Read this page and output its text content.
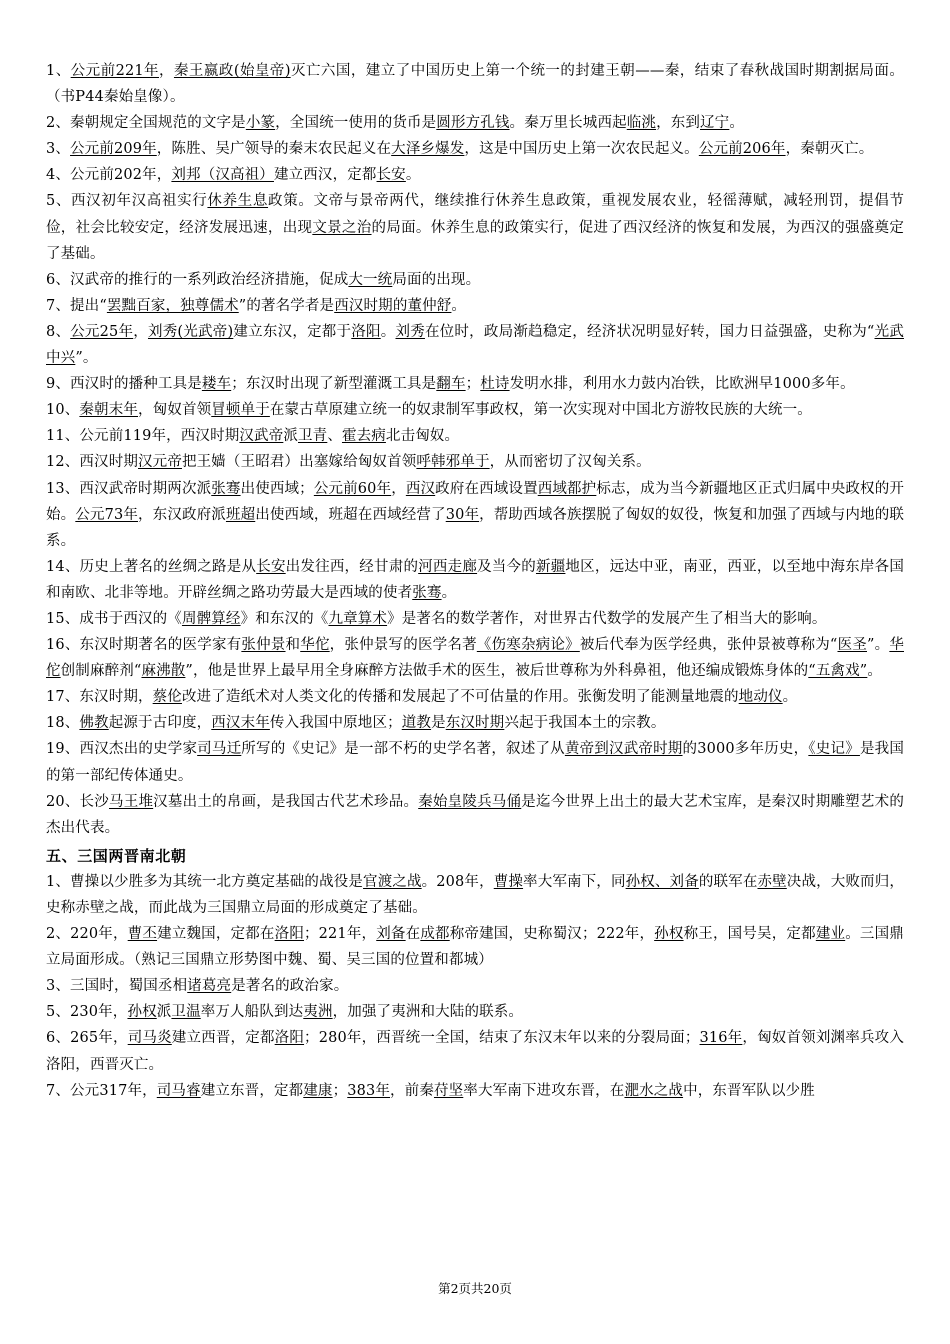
1、公元前221年，秦王嬴政(始皇帝)灭亡六国，建立了中国历史上第一个统一的封建王朝——秦，结束了春秋战国时期割据局面。（书P44秦始皇像）。

2、秦朝规定全国规范的文字是小篆，全国统一使用的货币是圆形方孔钱。秦万里长城西起临洮，东到辽宁。

3、公元前209年，陈胜、吴广领导的秦末农民起义在大泽乡爆发，这是中国历史上第一次农民起义。公元前206年，秦朝灭亡。

4、公元前202年，刘邦（汉高祖）建立西汉，定都长安。

5、西汉初年汉高祖实行休养生息政策。文帝与景帝两代，继续推行休养生息政策，重视发展农业，轻徭薄赋，减轻刑罚，提倡节俭，社会比较安定，经济发展迅速，出现文景之治的局面。休养生息的政策实行，促进了西汉经济的恢复和发展，为西汉的强盛奠定了基础。

6、汉武帝的推行的一系列政治经济措施，促成大一统局面的出现。

7、提出“罢黜百家，独尊儒术”的著名学者是西汉时期的董仲舒。

8、公元25年，刘秀(光武帝)建立东汉，定都于洛阳。刘秀在位时，政局渐趋稳定，经济状况明显好转，国力日益强盛，史称为“光武中兴”。

9、西汉时的播种工具是耧车；东汉时出现了新型灌溉工具是翻车；杜诗发明水排，利用水力鼓内冶铁，比欧洲早1000多年。

10、秦朝末年，匈奴首领冒顿单于在蒙古草原建立统一的奴隶制军事政权，第一次实现对中国北方游牧民族的大统一。

11、公元前119年，西汉时期汉武帝派卫青、霍去病北击匈奴。

12、西汉时期汉元帝把王嫱（王昭君）出塞嫁给匈奴首领呼韩邪单于，从而密切了汉匈关系。

13、西汉武帝时期两次派张骞出使西域；公元前60年，西汉政府在西域设置西域都护标志，成为当今新疆地区正式归属中央政权的开始。公元73年，东汉政府派班超出使西域，班超在西域经营了30年，帮助西域各族摆脱了匈奴的奴役，恢复和加强了西域与内地的联系。

14、历史上著名的丝绸之路是从长安出发往西，经甘肃的河西走廊及当今的新疆地区，远达中亚，南亚，西亚，以至地中海东岸各国和南欧、北非等地。开辟丝绸之路功劳最大是西域的使者张骞。

15、成书于西汉的《周髀算经》和东汉的《九章算术》是著名的数学著作，对世界古代数学的发展产生了相当大的影响。

16、东汉时期著名的医学家有张仲景和华佗，张仲景写的医学名著《伤寒杂病论》被后代奉为医学经典，张仲景被尊称为“医圣”。华佗创制麻醉剂“麻沸散”，他是世界上最早用全身麻醉方法做手术的医生，被后世尊称为外科鼻祖，他还编成锻炼身体的“五禽戏”。

17、东汉时期，蔡伦改进了造纸术对人类文化的传播和发展起了不可估量的作用。张衡发明了能测量地震的地动仪。

18、佛教起源于古印度，西汉末年传入我国中原地区；道教是东汉时期兴起于我国本土的宗教。

19、西汉杰出的史学家司马迁所写的《史记》是一部不朽的史学名著，叙述了从黄帝到汉武帝时期的3000多年历史，《史记》是我国的第一部纪传体通史。

20、长沙马王堆汉墓出土的帛画，是我国古代艺术珍品。秦始皇陵兵马俑是迄今世界上出土的最大艺术宝库，是秦汉时期雕塑艺术的杰出代表。

五、三国两晋南北朝

1、曹操以少胜多为其统一北方奠定基础的战役是官渡之战。208年，曹操率大军南下，同孙权、刘备的联军在赤壁决战，大败而归，史称赤壁之战，而此战为三国鼎立局面的形成奠定了基础。

2、220年，曹丕建立魏国，定都在洛阳；221年，刘备在成都称帝建国，史称蜀汉；222年，孙权称王，国号吴，定都建业。三国鼎立局面形成。（熟记三国鼎立形势图中魏、蜀、吴三国的位置和都城）

3、三国时，蜀国丞相诸葛亮是著名的政治家。

5、230年，孙权派卫温率万人船队到达夷洲，加强了夷洲和大陆的联系。

6、265年，司马炎建立西晋，定都洛阳；280年，西晋统一全国，结束了东汉末年以来的分裂局面；316年，匈奴首领刘渊率兵攻入洛阳，西晋灭亡。

7、公元317年，司马睿建立东晋，定都建康；383年，前秦苻坚率大军南下进攻东晋，在淝水之战中，东晋军队以少胜

第2页共20页
